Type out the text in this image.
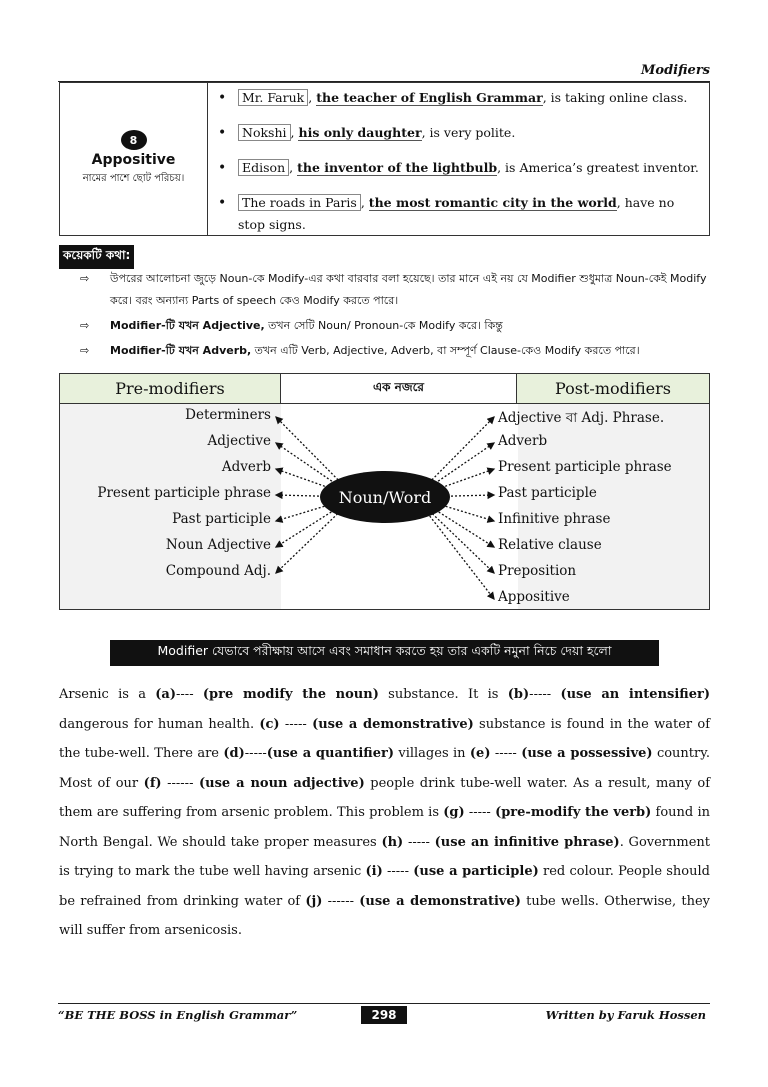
Modifiers
8
Appositive
নামের পাশে ছোট পরিচয়।
• Mr. Faruk , the teacher of English Grammar, is taking online class.
• Nokshi , his only daughter, is very polite.
• Edison , the inventor of the lightbulb, is America’s greatest inventor.
• The roads in Paris , the most romantic city in the world, have no stop signs.
কয়েকটি কথা:
⇨ উপরের আলোচনা জুড়ে Noun-কে Modify-এর কথা বারবার বলা হয়েছে। তার মানে এই নয় যে Modifier শুধুমাত্র Noun-কেই Modify করে। বরং অন্যান্য Parts of speech কেও Modify করতে পারে।
⇨ Modifier-টি যখন Adjective, তখন সেটি Noun/ Pronoun-কে Modify করে। কিন্তু
⇨ Modifier-টি যখন Adverb, তখন এটি Verb, Adjective, Adverb, বা সম্পূর্ণ Clause-কেও Modify করতে পারে।
Pre-modifiers	এক নজরে	Post-modifiers
Determiners
Adjective
Adverb
Present participle phrase
Past participle
Noun Adjective
Compound Adj.
Adjective বা Adj. Phrase.
Adverb
Present participle phrase
Past participle
Infinitive phrase
Relative clause
Preposition
Appositive
Noun/Word
Modifier যেভাবে পরীক্ষায় আসে এবং সমাধান করতে হয় তার একটি নমুনা নিচে দেয়া হলো
Arsenic is a (a)---- (pre modify the noun) substance. It is (b)----- (use an intensifier) dangerous for human health. (c) ----- (use a demonstrative) substance is found in the water of the tube-well. There are (d)-----(use a quantifier) villages in (e) ----- (use a possessive) country. Most of our (f) ------ (use a noun adjective) people drink tube-well water. As a result, many of them are suffering from arsenic problem. This problem is (g) ----- (pre-modify the verb) found in North Bengal. We should take proper measures (h) ----- (use an infinitive phrase). Government is trying to mark the tube well having arsenic (i) ----- (use a participle) red colour. People should be refrained from drinking water of (j) ------ (use a demonstrative) tube wells. Otherwise, they will suffer from arsenicosis.
“BE THE BOSS in English Grammar”	298	Written by Faruk Hossen
